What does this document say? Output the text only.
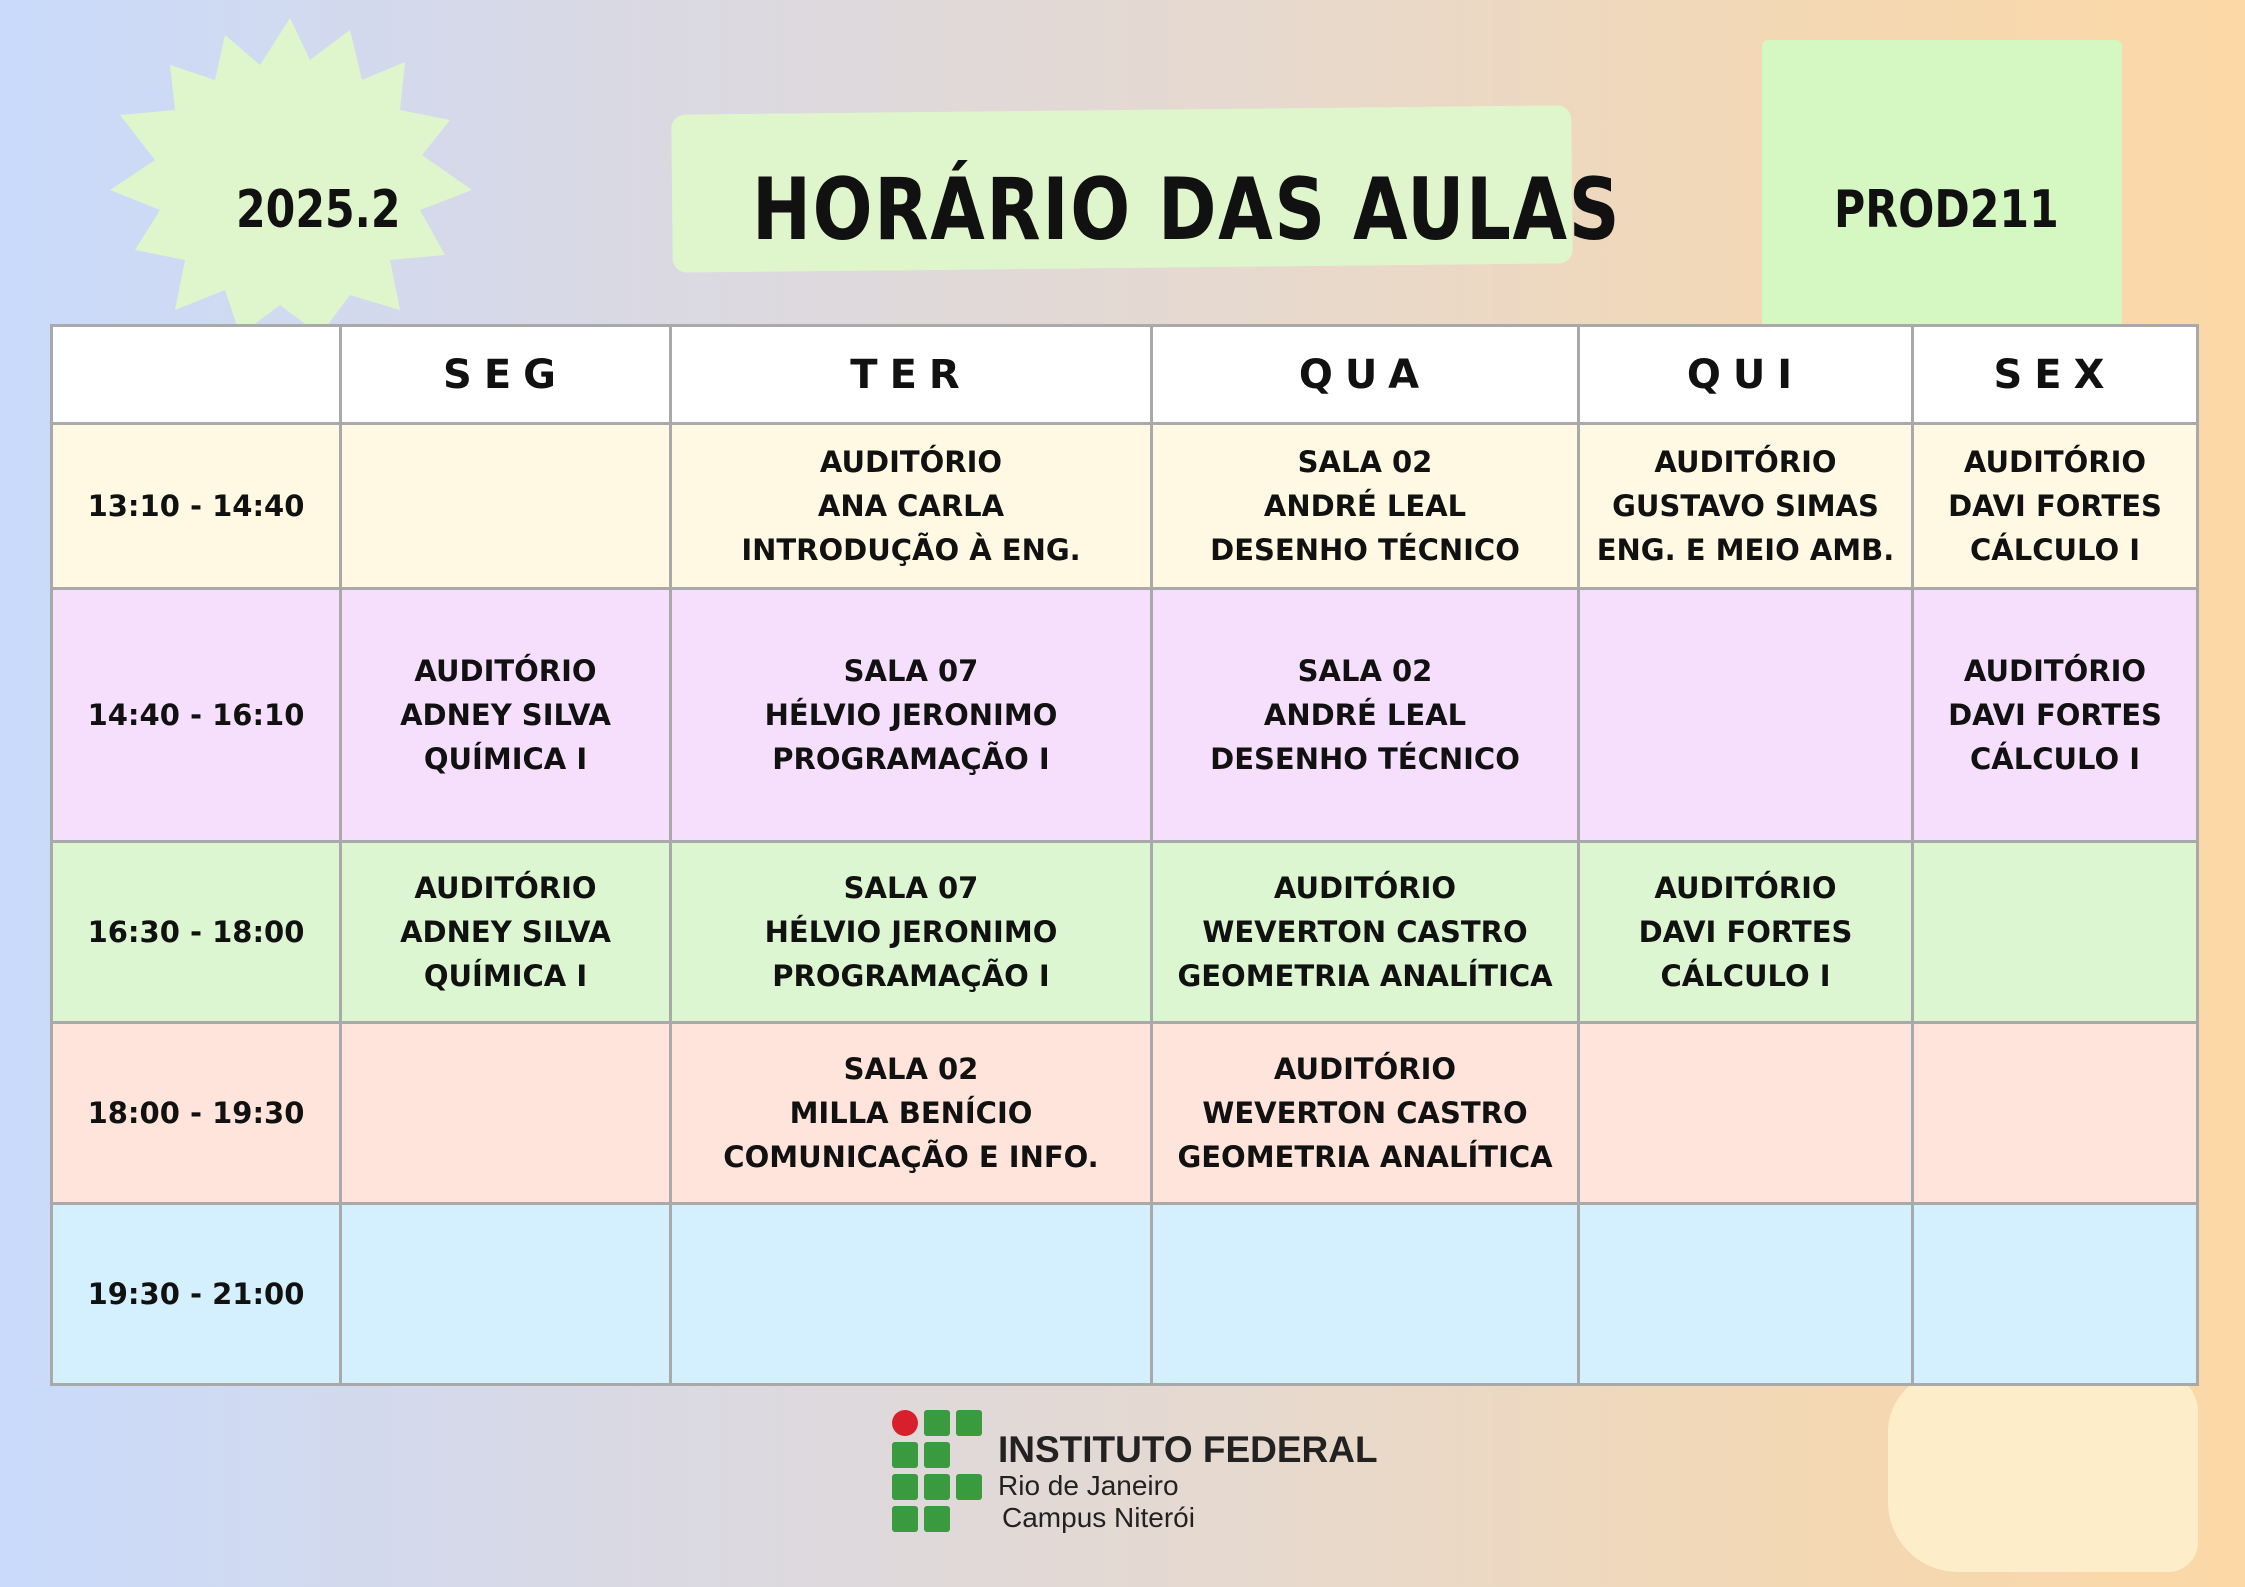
2025.2	HORÁRIO DAS AULAS	PROD211
	SEG	TER	QUA	QUI	SEX
13:10 - 14:40		AUDITÓRIO
ANA CARLA
INTRODUÇÃO À ENG.	SALA 02
ANDRÉ LEAL
DESENHO TÉCNICO	AUDITÓRIO
GUSTAVO SIMAS
ENG. E MEIO AMB.	AUDITÓRIO
DAVI FORTES
CÁLCULO I

14:40 - 16:10	AUDITÓRIO
ADNEY SILVA
QUÍMICA I	SALA 07
HÉLVIO JERONIMO
PROGRAMAÇÃO I	SALA 02
ANDRÉ LEAL
DESENHO TÉCNICO		AUDITÓRIO
DAVI FORTES
CÁLCULO I

16:30 - 18:00	AUDITÓRIO
ADNEY SILVA
QUÍMICA I	SALA 07
HÉLVIO JERONIMO
PROGRAMAÇÃO I	AUDITÓRIO
WEVERTON CASTRO
GEOMETRIA ANALÍTICA	AUDITÓRIO
DAVI FORTES
CÁLCULO I	

18:00 - 19:30		SALA 02
MILLA BENÍCIO
COMUNICAÇÃO E INFO.	AUDITÓRIO
WEVERTON CASTRO
GEOMETRIA ANALÍTICA		

19:30 - 21:00					
INSTITUTO FEDERAL
Rio de Janeiro
Campus Niterói
